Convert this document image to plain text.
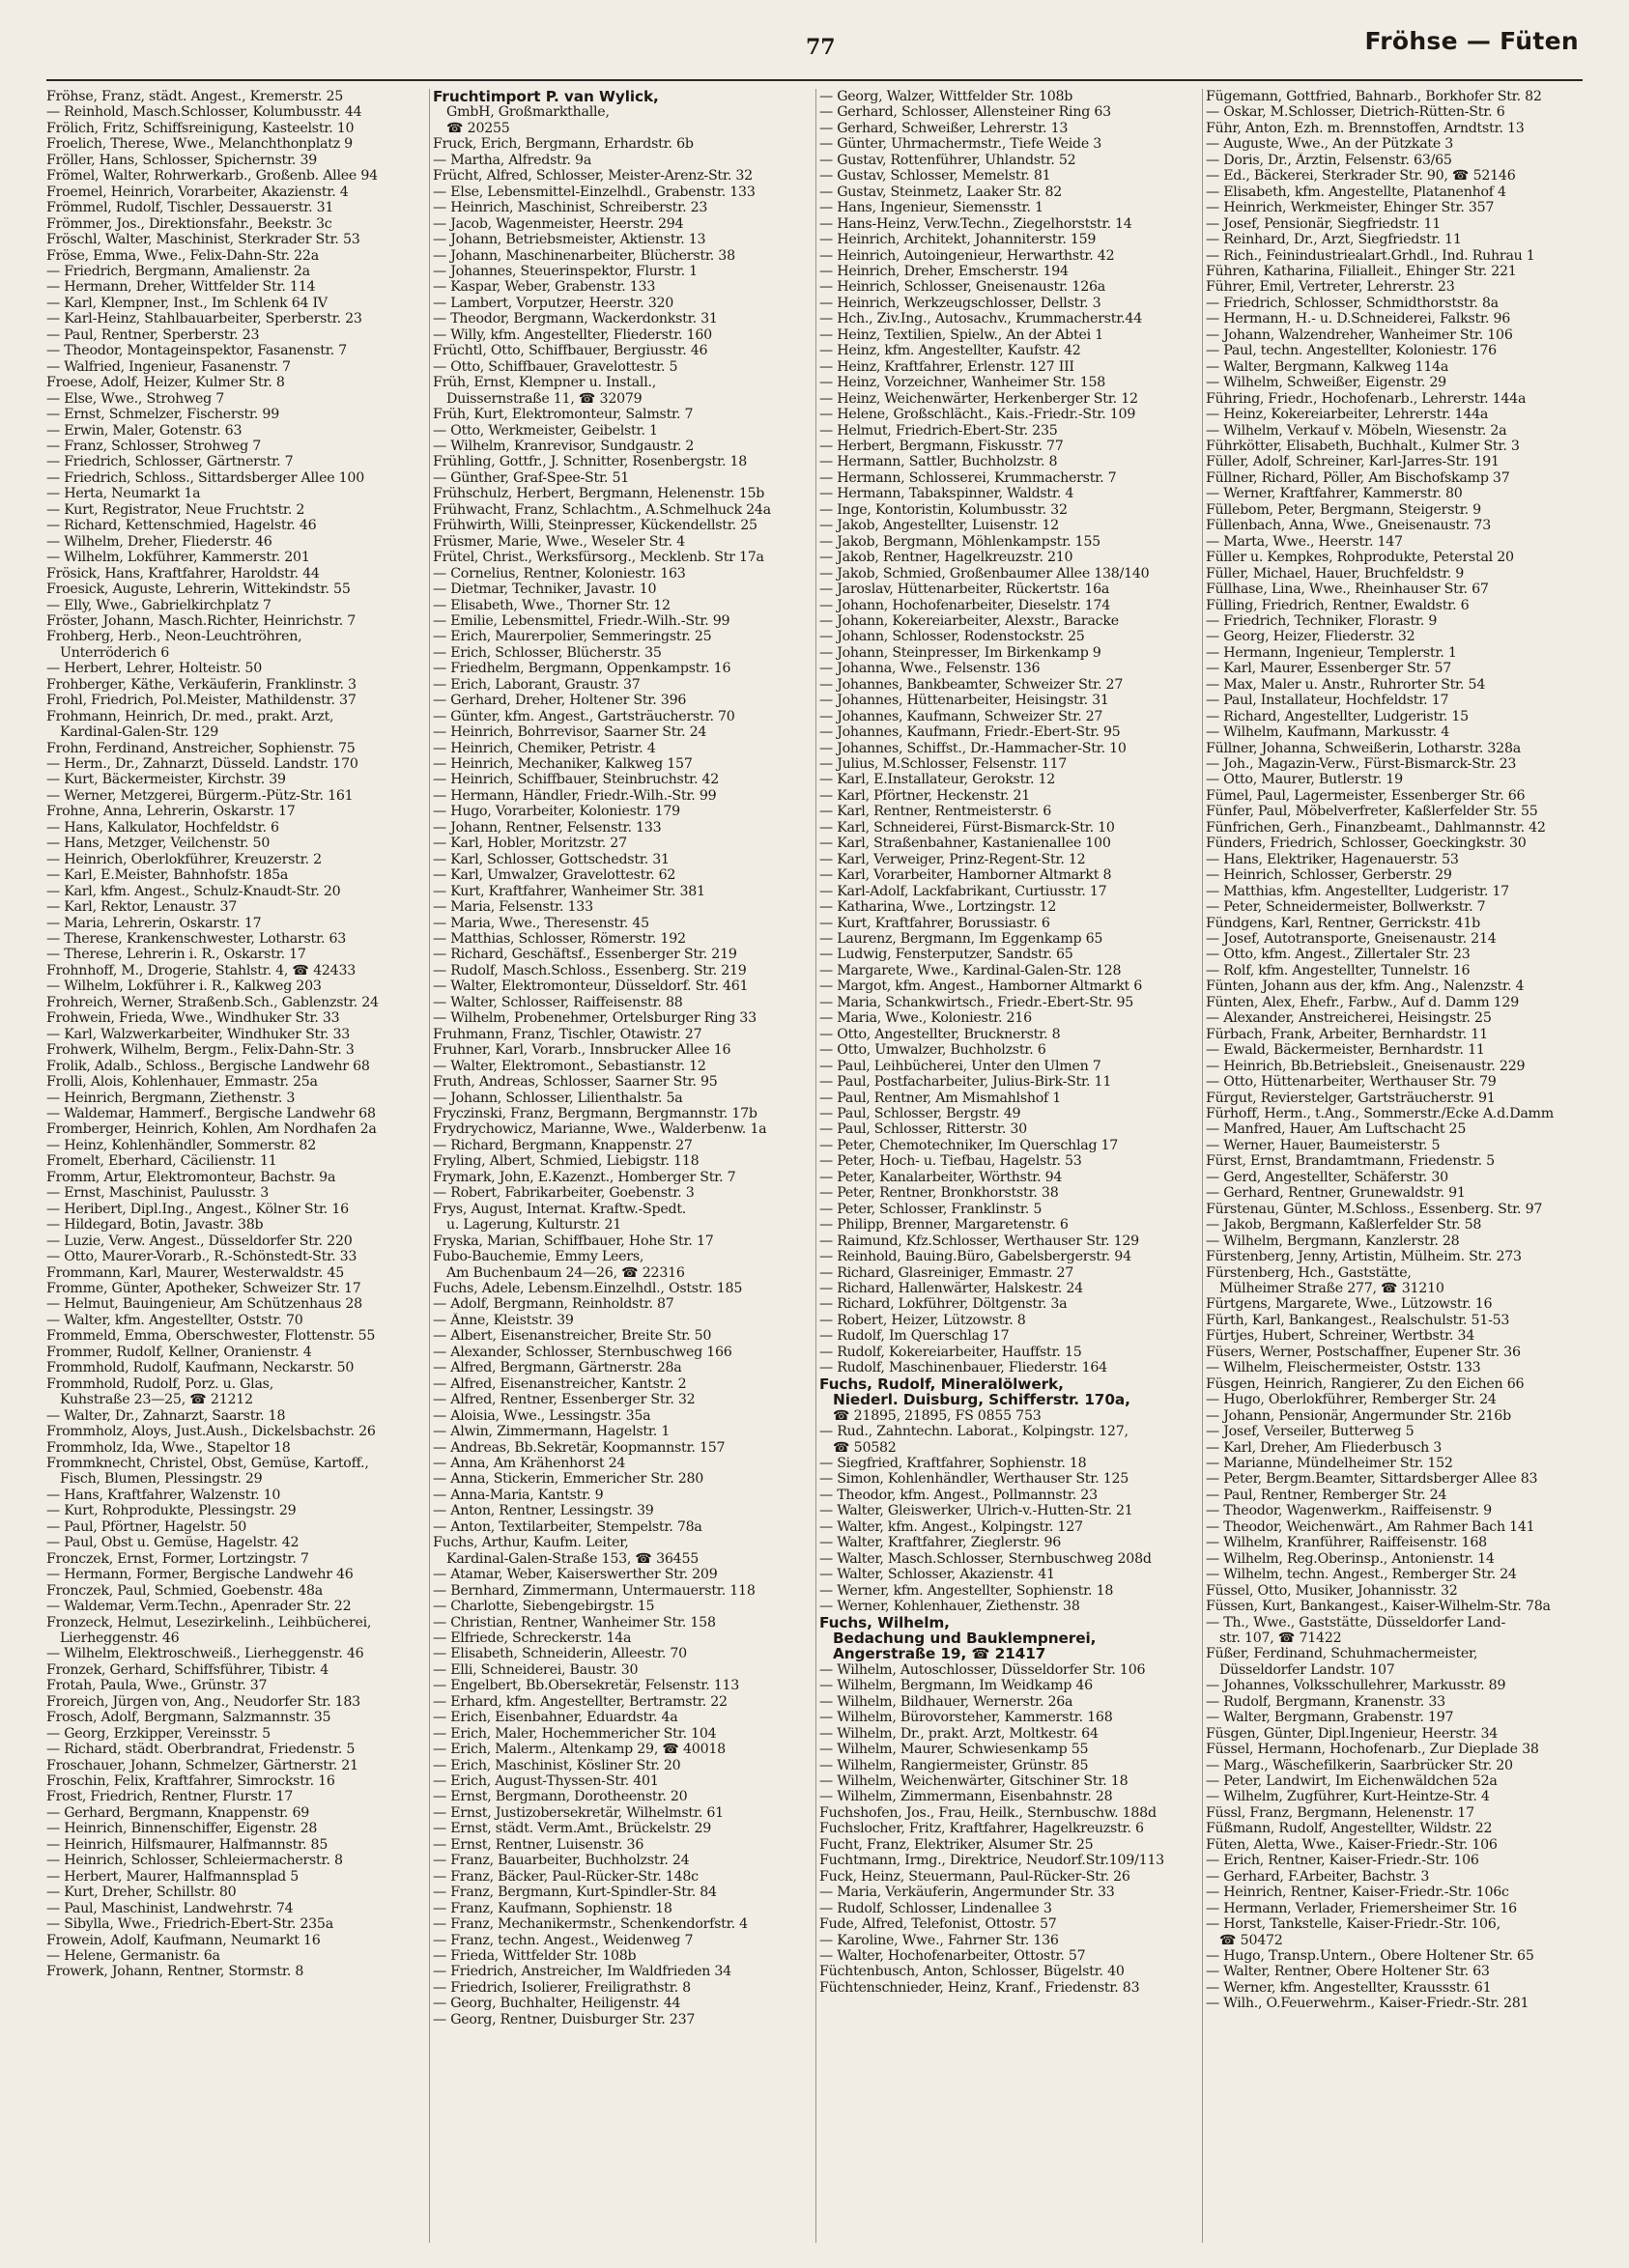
77	Fröhse — Füten
Fröhse, Franz, städt. Angest., Kremerstr. 25
— Reinhold, Masch.Schlosser, Kolumbusstr. 44
Frölich, Fritz, Schiffsreinigung, Kasteelstr. 10
Froelich, Therese, Wwe., Melanchthonplatz 9
Fröller, Hans, Schlosser, Spichernstr. 39
Frömel, Walter, Rohrwerkarb., Großenb. Allee 94
Froemel, Heinrich, Vorarbeiter, Akazienstr. 4
Frömmel, Rudolf, Tischler, Dessauerstr. 31
Frömmer, Jos., Direktionsfahr., Beekstr. 3c
Fröschl, Walter, Maschinist, Sterkrader Str. 53
Fröse, Emma, Wwe., Felix-Dahn-Str. 22a
— Friedrich, Bergmann, Amalienstr. 2a
— Hermann, Dreher, Wittfelder Str. 114
— Karl, Klempner, Inst., Im Schlenk 64 IV
— Karl-Heinz, Stahlbauarbeiter, Sperberstr. 23
— Paul, Rentner, Sperberstr. 23
— Theodor, Montageinspektor, Fasanenstr. 7
— Walfried, Ingenieur, Fasanenstr. 7
Froese, Adolf, Heizer, Kulmer Str. 8
— Else, Wwe., Strohweg 7
— Ernst, Schmelzer, Fischerstr. 99
— Erwin, Maler, Gotenstr. 63
— Franz, Schlosser, Strohweg 7
— Friedrich, Schlosser, Gärtnerstr. 7
— Friedrich, Schloss., Sittardsberger Allee 100
— Herta, Neumarkt 1a
— Kurt, Registrator, Neue Fruchtstr. 2
— Richard, Kettenschmied, Hagelstr. 46
— Wilhelm, Dreher, Fliederstr. 46
— Wilhelm, Lokführer, Kammerstr. 201
Frösick, Hans, Kraftfahrer, Haroldstr. 44
Froesick, Auguste, Lehrerin, Wittekindstr. 55
— Elly, Wwe., Gabrielkirchplatz 7
Fröster, Johann, Masch.Richter, Heinrichstr. 7
Frohberg, Herb., Neon-Leuchtröhren,
Unterröderich 6
— Herbert, Lehrer, Holteistr. 50
Frohberger, Käthe, Verkäuferin, Franklinstr. 3
Frohl, Friedrich, Pol.Meister, Mathildenstr. 37
Frohmann, Heinrich, Dr. med., prakt. Arzt,
Kardinal-Galen-Str. 129
Frohn, Ferdinand, Anstreicher, Sophienstr. 75
— Herm., Dr., Zahnarzt, Düsseld. Landstr. 170
— Kurt, Bäckermeister, Kirchstr. 39
— Werner, Metzgerei, Bürgerm.-Pütz-Str. 161
Frohne, Anna, Lehrerin, Oskarstr. 17
— Hans, Kalkulator, Hochfeldstr. 6
— Hans, Metzger, Veilchenstr. 50
— Heinrich, Oberlokführer, Kreuzerstr. 2
— Karl, E.Meister, Bahnhofstr. 185a
— Karl, kfm. Angest., Schulz-Knaudt-Str. 20
— Karl, Rektor, Lenaustr. 37
— Maria, Lehrerin, Oskarstr. 17
— Therese, Krankenschwester, Lotharstr. 63
— Therese, Lehrerin i. R., Oskarstr. 17
Frohnhoff, M., Drogerie, Stahlstr. 4, ☎ 42433
— Wilhelm, Lokführer i. R., Kalkweg 203
Frohreich, Werner, Straßenb.Sch., Gablenzstr. 24
Frohwein, Frieda, Wwe., Windhuker Str. 33
— Karl, Walzwerkarbeiter, Windhuker Str. 33
Frohwerk, Wilhelm, Bergm., Felix-Dahn-Str. 3
Frolik, Adalb., Schloss., Bergische Landwehr 68
Frolli, Alois, Kohlenhauer, Emmastr. 25a
— Heinrich, Bergmann, Ziethenstr. 3
— Waldemar, Hammerf., Bergische Landwehr 68
Fromberger, Heinrich, Kohlen, Am Nordhafen 2a
— Heinz, Kohlenhändler, Sommerstr. 82
Fromelt, Eberhard, Cäcilienstr. 11
Fromm, Artur, Elektromonteur, Bachstr. 9a
— Ernst, Maschinist, Paulusstr. 3
— Heribert, Dipl.Ing., Angest., Kölner Str. 16
— Hildegard, Botin, Javastr. 38b
— Luzie, Verw. Angest., Düsseldorfer Str. 220
— Otto, Maurer-Vorarb., R.-Schönstedt-Str. 33
Frommann, Karl, Maurer, Westerwaldstr. 45
Fromme, Günter, Apotheker, Schweizer Str. 17
— Helmut, Bauingenieur, Am Schützenhaus 28
— Walter, kfm. Angestellter, Oststr. 70
Frommeld, Emma, Oberschwester, Flottenstr. 55
Frommer, Rudolf, Kellner, Oranienstr. 4
Frommhold, Rudolf, Kaufmann, Neckarstr. 50
Frommhold, Rudolf, Porz. u. Glas,
Kuhstraße 23—25, ☎ 21212
— Walter, Dr., Zahnarzt, Saarstr. 18
Frommholz, Aloys, Just.Aush., Dickelsbachstr. 26
Frommholz, Ida, Wwe., Stapeltor 18
Frommknecht, Christel, Obst, Gemüse, Kartoff.,
Fisch, Blumen, Plessingstr. 29
— Hans, Kraftfahrer, Walzenstr. 10
— Kurt, Rohprodukte, Plessingstr. 29
— Paul, Pförtner, Hagelstr. 50
— Paul, Obst u. Gemüse, Hagelstr. 42
Fronczek, Ernst, Former, Lortzingstr. 7
— Hermann, Former, Bergische Landwehr 46
Fronczek, Paul, Schmied, Goebenstr. 48a
— Waldemar, Verm.Techn., Apenrader Str. 22
Fronzeck, Helmut, Lesezirkelinh., Leihbücherei,
Lierheggenstr. 46
— Wilhelm, Elektroschweiß., Lierheggenstr. 46
Fronzek, Gerhard, Schiffsführer, Tibistr. 4
Frotah, Paula, Wwe., Grünstr. 37
Froreich, Jürgen von, Ang., Neudorfer Str. 183
Frosch, Adolf, Bergmann, Salzmannstr. 35
— Georg, Erzkipper, Vereinsstr. 5
— Richard, städt. Oberbrandrat, Friedenstr. 5
Froschauer, Johann, Schmelzer, Gärtnerstr. 21
Froschin, Felix, Kraftfahrer, Simrockstr. 16
Frost, Friedrich, Rentner, Flurstr. 17
— Gerhard, Bergmann, Knappenstr. 69
— Heinrich, Binnenschiffer, Eigenstr. 28
— Heinrich, Hilfsmaurer, Halfmannstr. 85
— Heinrich, Schlosser, Schleiermacherstr. 8
— Herbert, Maurer, Halfmannsplad 5
— Kurt, Dreher, Schillstr. 80
— Paul, Maschinist, Landwehrstr. 74
— Sibylla, Wwe., Friedrich-Ebert-Str. 235a
Frowein, Adolf, Kaufmann, Neumarkt 16
— Helene, Germanistr. 6a
Frowerk, Johann, Rentner, Stormstr. 8
Fruchtimport P. van Wylick,
GmbH, Großmarkthalle,
☎ 20255
Fruck, Erich, Bergmann, Erhardstr. 6b
— Martha, Alfredstr. 9a
Frücht, Alfred, Schlosser, Meister-Arenz-Str. 32
— Else, Lebensmittel-Einzelhdl., Grabenstr. 133
— Heinrich, Maschinist, Schreiberstr. 23
— Jacob, Wagenmeister, Heerstr. 294
— Johann, Betriebsmeister, Aktienstr. 13
— Johann, Maschinenarbeiter, Blücherstr. 38
— Johannes, Steuerinspektor, Flurstr. 1
— Kaspar, Weber, Grabenstr. 133
— Lambert, Vorputzer, Heerstr. 320
— Theodor, Bergmann, Wackerdonkstr. 31
— Willy, kfm. Angestellter, Fliederstr. 160
Früchtl, Otto, Schiffbauer, Bergiusstr. 46
— Otto, Schiffbauer, Gravelottestr. 5
Früh, Ernst, Klempner u. Install.,
Duissernstraße 11, ☎ 32079
Früh, Kurt, Elektromonteur, Salmstr. 7
— Otto, Werkmeister, Geibelstr. 1
— Wilhelm, Kranrevisor, Sundgaustr. 2
Frühling, Gottfr., J. Schnitter, Rosenbergstr. 18
— Günther, Graf-Spee-Str. 51
Frühschulz, Herbert, Bergmann, Helenenstr. 15b
Frühwacht, Franz, Schlachtm., A.Schmelhuck 24a
Frühwirth, Willi, Steinpresser, Kückendellstr. 25
Früsmer, Marie, Wwe., Weseler Str. 4
Frütel, Christ., Werksfürsorg., Mecklenb. Str 17a
— Cornelius, Rentner, Koloniestr. 163
— Dietmar, Techniker, Javastr. 10
— Elisabeth, Wwe., Thorner Str. 12
— Emilie, Lebensmittel, Friedr.-Wilh.-Str. 99
— Erich, Maurerpolier, Semmeringstr. 25
— Erich, Schlosser, Blücherstr. 35
— Friedhelm, Bergmann, Oppenkampstr. 16
— Erich, Laborant, Graustr. 37
— Gerhard, Dreher, Holtener Str. 396
— Günter, kfm. Angest., Gartsträucherstr. 70
— Heinrich, Bohrrevisor, Saarner Str. 24
— Heinrich, Chemiker, Petristr. 4
— Heinrich, Mechaniker, Kalkweg 157
— Heinrich, Schiffbauer, Steinbruchstr. 42
— Hermann, Händler, Friedr.-Wilh.-Str. 99
— Hugo, Vorarbeiter, Koloniestr. 179
— Johann, Rentner, Felsenstr. 133
— Karl, Hobler, Moritzstr. 27
— Karl, Schlosser, Gottschedstr. 31
— Karl, Umwalzer, Gravelottestr. 62
— Kurt, Kraftfahrer, Wanheimer Str. 381
— Maria, Felsenstr. 133
— Maria, Wwe., Theresenstr. 45
— Matthias, Schlosser, Römerstr. 192
— Richard, Geschäftsf., Essenberger Str. 219
— Rudolf, Masch.Schloss., Essenberg. Str. 219
— Walter, Elektromonteur, Düsseldorf. Str. 461
— Walter, Schlosser, Raiffeisenstr. 88
— Wilhelm, Probenehmer, Ortelsburger Ring 33
Fruhmann, Franz, Tischler, Otawistr. 27
Fruhner, Karl, Vorarb., Innsbrucker Allee 16
— Walter, Elektromont., Sebastianstr. 12
Fruth, Andreas, Schlosser, Saarner Str. 95
— Johann, Schlosser, Lilienthalstr. 5a
Fryczinski, Franz, Bergmann, Bergmannstr. 17b
Frydrychowicz, Marianne, Wwe., Walderbenw. 1a
— Richard, Bergmann, Knappenstr. 27
Fryling, Albert, Schmied, Liebigstr. 118
Frymark, John, E.Kazenzt., Homberger Str. 7
— Robert, Fabrikarbeiter, Goebenstr. 3
Frys, August, Internat. Kraftw.-Spedt.
u. Lagerung, Kulturstr. 21
Fryska, Marian, Schiffbauer, Hohe Str. 17
Fubo-Bauchemie, Emmy Leers,
Am Buchenbaum 24—26, ☎ 22316
Fuchs, Adele, Lebensm.Einzelhdl., Oststr. 185
— Adolf, Bergmann, Reinholdstr. 87
— Änne, Kleiststr. 39
— Albert, Eisenanstreicher, Breite Str. 50
— Alexander, Schlosser, Sternbuschweg 166
— Alfred, Bergmann, Gärtnerstr. 28a
— Alfred, Eisenanstreicher, Kantstr. 2
— Alfred, Rentner, Essenberger Str. 32
— Aloisia, Wwe., Lessingstr. 35a
— Alwin, Zimmermann, Hagelstr. 1
— Andreas, Bb.Sekretär, Koopmannstr. 157
— Anna, Am Krähenhorst 24
— Anna, Stickerin, Emmericher Str. 280
— Anna-Maria, Kantstr. 9
— Anton, Rentner, Lessingstr. 39
— Anton, Textilarbeiter, Stempelstr. 78a
Fuchs, Arthur, Kaufm. Leiter,
Kardinal-Galen-Straße 153, ☎ 36455
— Atamar, Weber, Kaiserswerther Str. 209
— Bernhard, Zimmermann, Untermauerstr. 118
— Charlotte, Siebengebirgstr. 15
— Christian, Rentner, Wanheimer Str. 158
— Elfriede, Schreckerstr. 14a
— Elisabeth, Schneiderin, Alleestr. 70
— Elli, Schneiderei, Baustr. 30
— Engelbert, Bb.Obersekretär, Felsenstr. 113
— Erhard, kfm. Angestellter, Bertramstr. 22
— Erich, Eisenbahner, Eduardstr. 4a
— Erich, Maler, Hochemmericher Str. 104
— Erich, Malerm., Altenkamp 29, ☎ 40018
— Erich, Maschinist, Kösliner Str. 20
— Erich, August-Thyssen-Str. 401
— Ernst, Bergmann, Dorotheenstr. 20
— Ernst, Justizobersekretär, Wilhelmstr. 61
— Ernst, städt. Verm.Amt., Brückelstr. 29
— Ernst, Rentner, Luisenstr. 36
— Franz, Bauarbeiter, Buchholzstr. 24
— Franz, Bäcker, Paul-Rücker-Str. 148c
— Franz, Bergmann, Kurt-Spindler-Str. 84
— Franz, Kaufmann, Sophienstr. 18
— Franz, Mechanikermstr., Schenkendorfstr. 4
— Franz, techn. Angest., Weidenweg 7
— Frieda, Wittfelder Str. 108b
— Friedrich, Anstreicher, Im Waldfrieden 34
— Friedrich, Isolierer, Freiligrathstr. 8
— Georg, Buchhalter, Heiligenstr. 44
— Georg, Rentner, Duisburger Str. 237
— Georg, Walzer, Wittfelder Str. 108b
— Gerhard, Schlosser, Allensteiner Ring 63
— Gerhard, Schweißer, Lehrerstr. 13
— Günter, Uhrmachermstr., Tiefe Weide 3
— Gustav, Rottenführer, Uhlandstr. 52
— Gustav, Schlosser, Memelstr. 81
— Gustav, Steinmetz, Laaker Str. 82
— Hans, Ingenieur, Siemensstr. 1
— Hans-Heinz, Verw.Techn., Ziegelhorststr. 14
— Heinrich, Architekt, Johanniterstr. 159
— Heinrich, Autoingenieur, Herwarthstr. 42
— Heinrich, Dreher, Emscherstr. 194
— Heinrich, Schlosser, Gneisenaustr. 126a
— Heinrich, Werkzeugschlosser, Dellstr. 3
— Hch., Ziv.Ing., Autosachv., Krummacherstr.44
— Heinz, Textilien, Spielw., An der Abtei 1
— Heinz, kfm. Angestellter, Kaufstr. 42
— Heinz, Kraftfahrer, Erlenstr. 127 III
— Heinz, Vorzeichner, Wanheimer Str. 158
— Heinz, Weichenwärter, Herkenberger Str. 12
— Helene, Großschlächt., Kais.-Friedr.-Str. 109
— Helmut, Friedrich-Ebert-Str. 235
— Herbert, Bergmann, Fiskusstr. 77
— Hermann, Sattler, Buchholzstr. 8
— Hermann, Schlosserei, Krummacherstr. 7
— Hermann, Tabakspinner, Waldstr. 4
— Inge, Kontoristin, Kolumbusstr. 32
— Jakob, Angestellter, Luisenstr. 12
— Jakob, Bergmann, Möhlenkampstr. 155
— Jakob, Rentner, Hagelkreuzstr. 210
— Jakob, Schmied, Großenbaumer Allee 138/140
— Jaroslav, Hüttenarbeiter, Rückertstr. 16a
— Johann, Hochofenarbeiter, Dieselstr. 174
— Johann, Kokereiarbeiter, Alexstr., Baracke
— Johann, Schlosser, Rodenstockstr. 25
— Johann, Steinpresser, Im Birkenkamp 9
— Johanna, Wwe., Felsenstr. 136
— Johannes, Bankbeamter, Schweizer Str. 27
— Johannes, Hüttenarbeiter, Heisingstr. 31
— Johannes, Kaufmann, Schweizer Str. 27
— Johannes, Kaufmann, Friedr.-Ebert-Str. 95
— Johannes, Schiffst., Dr.-Hammacher-Str. 10
— Julius, M.Schlosser, Felsenstr. 117
— Karl, E.Installateur, Gerokstr. 12
— Karl, Pförtner, Heckenstr. 21
— Karl, Rentner, Rentmeisterstr. 6
— Karl, Schneiderei, Fürst-Bismarck-Str. 10
— Karl, Straßenbahner, Kastanienallee 100
— Karl, Verweiger, Prinz-Regent-Str. 12
— Karl, Vorarbeiter, Hamborner Altmarkt 8
— Karl-Adolf, Lackfabrikant, Curtiusstr. 17
— Katharina, Wwe., Lortzingstr. 12
— Kurt, Kraftfahrer, Borussiastr. 6
— Laurenz, Bergmann, Im Eggenkamp 65
— Ludwig, Fensterputzer, Sandstr. 65
— Margarete, Wwe., Kardinal-Galen-Str. 128
— Margot, kfm. Angest., Hamborner Altmarkt 6
— Maria, Schankwirtsch., Friedr.-Ebert-Str. 95
— Maria, Wwe., Koloniestr. 216
— Otto, Angestellter, Brucknerstr. 8
— Otto, Umwalzer, Buchholzstr. 6
— Paul, Leihbücherei, Unter den Ulmen 7
— Paul, Postfacharbeiter, Julius-Birk-Str. 11
— Paul, Rentner, Am Mismahlshof 1
— Paul, Schlosser, Bergstr. 49
— Paul, Schlosser, Ritterstr. 30
— Peter, Chemotechniker, Im Querschlag 17
— Peter, Hoch- u. Tiefbau, Hagelstr. 53
— Peter, Kanalarbeiter, Wörthstr. 94
— Peter, Rentner, Bronkhorststr. 38
— Peter, Schlosser, Franklinstr. 5
— Philipp, Brenner, Margaretenstr. 6
— Raimund, Kfz.Schlosser, Werthauser Str. 129
— Reinhold, Bauing.Büro, Gabelsbergerstr. 94
— Richard, Glasreiniger, Emmastr. 27
— Richard, Hallenwärter, Halskestr. 24
— Richard, Lokführer, Döltgenstr. 3a
— Robert, Heizer, Lützowstr. 8
— Rudolf, Im Querschlag 17
— Rudolf, Kokereiarbeiter, Hauffstr. 15
— Rudolf, Maschinenbauer, Fliederstr. 164
Fuchs, Rudolf, Mineralölwerk,
Niederl. Duisburg, Schifferstr. 170a,
☎ 21895, 21895, FS 0855 753
— Rud., Zahntechn. Laborat., Kolpingstr. 127,
☎ 50582
— Siegfried, Kraftfahrer, Sophienstr. 18
— Simon, Kohlenhändler, Werthauser Str. 125
— Theodor, kfm. Angest., Pollmannstr. 23
— Walter, Gleiswerker, Ulrich-v.-Hutten-Str. 21
— Walter, kfm. Angest., Kolpingstr. 127
— Walter, Kraftfahrer, Zieglerstr. 96
— Walter, Masch.Schlosser, Sternbuschweg 208d
— Walter, Schlosser, Akazienstr. 41
— Werner, kfm. Angestellter, Sophienstr. 18
— Werner, Kohlenhauer, Ziethenstr. 38
Fuchs, Wilhelm,
Bedachung und Bauklempnerei,
Angerstraße 19, ☎ 21417
— Wilhelm, Autoschlosser, Düsseldorfer Str. 106
— Wilhelm, Bergmann, Im Weidkamp 46
— Wilhelm, Bildhauer, Wernerstr. 26a
— Wilhelm, Bürovorsteher, Kammerstr. 168
— Wilhelm, Dr., prakt. Arzt, Moltkestr. 64
— Wilhelm, Maurer, Schwiesenkamp 55
— Wilhelm, Rangiermeister, Grünstr. 85
— Wilhelm, Weichenwärter, Gitschiner Str. 18
— Wilhelm, Zimmermann, Eisenbahnstr. 28
Fuchshofen, Jos., Frau, Heilk., Sternbuschw. 188d
Fuchslocher, Fritz, Kraftfahrer, Hagelkreuzstr. 6
Fucht, Franz, Elektriker, Alsumer Str. 25
Fuchtmann, Irmg., Direktrice, Neudorf.Str.109/113
Fuck, Heinz, Steuermann, Paul-Rücker-Str. 26
— Maria, Verkäuferin, Angermunder Str. 33
— Rudolf, Schlosser, Lindenallee 3
Fude, Alfred, Telefonist, Ottostr. 57
— Karoline, Wwe., Fahrner Str. 136
— Walter, Hochofenarbeiter, Ottostr. 57
Füchtenbusch, Anton, Schlosser, Bügelstr. 40
Füchtenschnieder, Heinz, Kranf., Friedenstr. 83
Fügemann, Gottfried, Bahnarb., Borkhofer Str. 82
— Oskar, M.Schlosser, Dietrich-Rütten-Str. 6
Führ, Anton, Ezh. m. Brennstoffen, Arndtstr. 13
— Auguste, Wwe., An der Pützkate 3
— Doris, Dr., Ärztin, Felsenstr. 63/65
— Ed., Bäckerei, Sterkrader Str. 90, ☎ 52146
— Elisabeth, kfm. Angestellte, Platanenhof 4
— Heinrich, Werkmeister, Ehinger Str. 357
— Josef, Pensionär, Siegfriedstr. 11
— Reinhard, Dr., Arzt, Siegfriedstr. 11
— Rich., Feinindustriealart.Grhdl., Ind. Ruhrau 1
Führen, Katharina, Filialleit., Ehinger Str. 221
Führer, Emil, Vertreter, Lehrerstr. 23
— Friedrich, Schlosser, Schmidthorststr. 8a
— Hermann, H.- u. D.Schneiderei, Falkstr. 96
— Johann, Walzendreher, Wanheimer Str. 106
— Paul, techn. Angestellter, Koloniestr. 176
— Walter, Bergmann, Kalkweg 114a
— Wilhelm, Schweißer, Eigenstr. 29
Führing, Friedr., Hochofenarb., Lehrerstr. 144a
— Heinz, Kokereiarbeiter, Lehrerstr. 144a
— Wilhelm, Verkauf v. Möbeln, Wiesenstr. 2a
Führkötter, Elisabeth, Buchhalt., Kulmer Str. 3
Füller, Adolf, Schreiner, Karl-Jarres-Str. 191
Füllner, Richard, Pöller, Am Bischofskamp 37
— Werner, Kraftfahrer, Kammerstr. 80
Füllebom, Peter, Bergmann, Steigerstr. 9
Füllenbach, Anna, Wwe., Gneisenaustr. 73
— Marta, Wwe., Heerstr. 147
Füller u. Kempkes, Rohprodukte, Peterstal 20
Füller, Michael, Hauer, Bruchfeldstr. 9
Füllhase, Lina, Wwe., Rheinhauser Str. 67
Fülling, Friedrich, Rentner, Ewaldstr. 6
— Friedrich, Techniker, Florastr. 9
— Georg, Heizer, Fliederstr. 32
— Hermann, Ingenieur, Templerstr. 1
— Karl, Maurer, Essenberger Str. 57
— Max, Maler u. Anstr., Ruhrorter Str. 54
— Paul, Installateur, Hochfeldstr. 17
— Richard, Angestellter, Ludgeristr. 15
— Wilhelm, Kaufmann, Markusstr. 4
Füllner, Johanna, Schweißerin, Lotharstr. 328a
— Joh., Magazin-Verw., Fürst-Bismarck-Str. 23
— Otto, Maurer, Butlerstr. 19
Fümel, Paul, Lagermeister, Essenberger Str. 66
Fünfer, Paul, Möbelverfreter, Kaßlerfelder Str. 55
Fünfrichen, Gerh., Finanzbeamt., Dahlmannstr. 42
Fünders, Friedrich, Schlosser, Goeckingkstr. 30
— Hans, Elektriker, Hagenauerstr. 53
— Heinrich, Schlosser, Gerberstr. 29
— Matthias, kfm. Angestellter, Ludgeristr. 17
— Peter, Schneidermeister, Bollwerkstr. 7
Fündgens, Karl, Rentner, Gerrickstr. 41b
— Josef, Autotransporte, Gneisenaustr. 214
— Otto, kfm. Angest., Zillertaler Str. 23
— Rolf, kfm. Angestellter, Tunnelstr. 16
Fünten, Johann aus der, kfm. Ang., Nalenzstr. 4
Fünten, Alex, Ehefr., Farbw., Auf d. Damm 129
— Alexander, Anstreicherei, Heisingstr. 25
Fürbach, Frank, Arbeiter, Bernhardstr. 11
— Ewald, Bäckermeister, Bernhardstr. 11
— Heinrich, Bb.Betriebsleit., Gneisenaustr. 229
— Otto, Hüttenarbeiter, Werthauser Str. 79
Fürgut, Revierstelger, Gartsträucherstr. 91
Fürhoff, Herm., t.Ang., Sommerstr./Ecke A.d.Damm
— Manfred, Hauer, Am Luftschacht 25
— Werner, Hauer, Baumeisterstr. 5
Fürst, Ernst, Brandamtmann, Friedenstr. 5
— Gerd, Angestellter, Schäferstr. 30
— Gerhard, Rentner, Grunewaldstr. 91
Fürstenau, Günter, M.Schloss., Essenberg. Str. 97
— Jakob, Bergmann, Kaßlerfelder Str. 58
— Wilhelm, Bergmann, Kanzlerstr. 28
Fürstenberg, Jenny, Artistin, Mülheim. Str. 273
Fürstenberg, Hch., Gaststätte,
Mülheimer Straße 277, ☎ 31210
Fürtgens, Margarete, Wwe., Lützowstr. 16
Fürth, Karl, Bankangest., Realschulstr. 51-53
Fürtjes, Hubert, Schreiner, Wertbstr. 34
Füsers, Werner, Postschaffner, Eupener Str. 36
— Wilhelm, Fleischermeister, Oststr. 133
Füsgen, Heinrich, Rangierer, Zu den Eichen 66
— Hugo, Oberlokführer, Remberger Str. 24
— Johann, Pensionär, Angermunder Str. 216b
— Josef, Verseiler, Butterweg 5
— Karl, Dreher, Am Fliederbusch 3
— Marianne, Mündelheimer Str. 152
— Peter, Bergm.Beamter, Sittardsberger Allee 83
— Paul, Rentner, Remberger Str. 24
— Theodor, Wagenwerkm., Raiffeisenstr. 9
— Theodor, Weichenwärt., Am Rahmer Bach 141
— Wilhelm, Kranführer, Raiffeisenstr. 168
— Wilhelm, Reg.Oberinsp., Antonienstr. 14
— Wilhelm, techn. Angest., Remberger Str. 24
Füssel, Otto, Musiker, Johannisstr. 32
Füssen, Kurt, Bankangest., Kaiser-Wilhelm-Str. 78a
— Th., Wwe., Gaststätte, Düsseldorfer Land-
str. 107, ☎ 71422
Füßer, Ferdinand, Schuhmachermeister,
Düsseldorfer Landstr. 107
— Johannes, Volksschullehrer, Markusstr. 89
— Rudolf, Bergmann, Kranenstr. 33
— Walter, Bergmann, Grabenstr. 197
Füsgen, Günter, Dipl.Ingenieur, Heerstr. 34
Füssel, Hermann, Hochofenarb., Zur Dieplade 38
— Marg., Wäschefilkerin, Saarbrücker Str. 20
— Peter, Landwirt, Im Eichenwäldchen 52a
— Wilhelm, Zugführer, Kurt-Heintze-Str. 4
Füssl, Franz, Bergmann, Helenenstr. 17
Füßmann, Rudolf, Angestellter, Wildstr. 22
Füten, Aletta, Wwe., Kaiser-Friedr.-Str. 106
— Erich, Rentner, Kaiser-Friedr.-Str. 106
— Gerhard, F.Arbeiter, Bachstr. 3
— Heinrich, Rentner, Kaiser-Friedr.-Str. 106c
— Hermann, Verlader, Friemersheimer Str. 16
— Horst, Tankstelle, Kaiser-Friedr.-Str. 106,
☎ 50472
— Hugo, Transp.Untern., Obere Holtener Str. 65
— Walter, Rentner, Obere Holtener Str. 63
— Werner, kfm. Angestellter, Kraussstr. 61
— Wilh., O.Feuerwehrm., Kaiser-Friedr.-Str. 281
